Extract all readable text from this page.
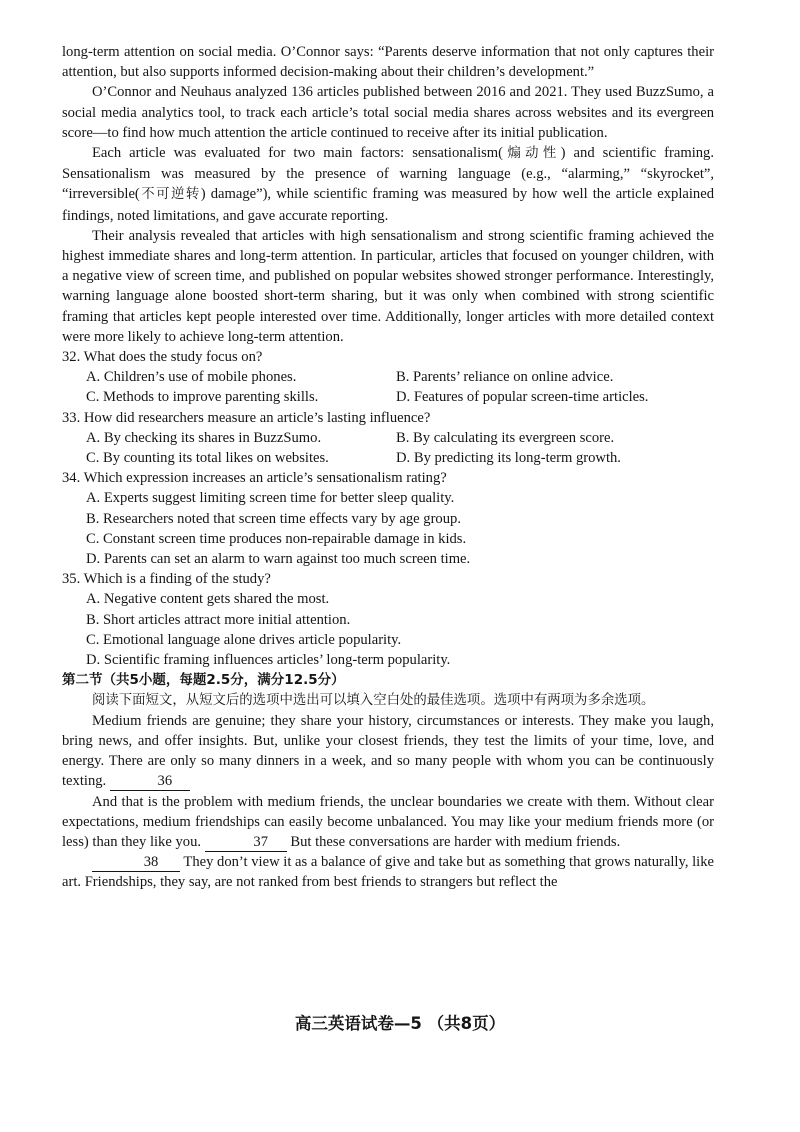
long-term attention on social media. O’Connor says: “Parents deserve information that not only captures their attention, but also supports informed decision-making about their children’s development.”

O’Connor and Neuhaus analyzed 136 articles published between 2016 and 2021. They used BuzzSumo, a social media analytics tool, to track each article’s total social media shares across websites and its evergreen score—to find how much attention the article continued to receive after its initial publication.

Each article was evaluated for two main factors: sensationalism(煽动性) and scientific framing. Sensationalism was measured by the presence of warning language (e.g., “alarming,” “skyrocket”, “irreversible(不可逆转) damage”), while scientific framing was measured by how well the article explained findings, noted limitations, and gave accurate reporting.

Their analysis revealed that articles with high sensationalism and strong scientific framing achieved the highest immediate shares and long-term attention. In particular, articles that focused on younger children, with a negative view of screen time, and published on popular websites showed stronger performance. Interestingly, warning language alone boosted short-term sharing, but it was only when combined with strong scientific framing that articles kept people interested over time. Additionally, longer articles with more detailed context were more likely to achieve long-term attention.

32. What does the study focus on?
A. Children’s use of mobile phones.	B. Parents’ reliance on online advice.
C. Methods to improve parenting skills.	D. Features of popular screen-time articles.
33. How did researchers measure an article’s lasting influence?
A. By checking its shares in BuzzSumo.	B. By calculating its evergreen score.
C. By counting its total likes on websites.	D. By predicting its long-term growth.
34. Which expression increases an article’s sensationalism rating?
A. Experts suggest limiting screen time for better sleep quality.
B. Researchers noted that screen time effects vary by age group.
C. Constant screen time produces non-repairable damage in kids.
D. Parents can set an alarm to warn against too much screen time.
35. Which is a finding of the study?
A. Negative content gets shared the most.
B. Short articles attract more initial attention.
C. Emotional language alone drives article popularity.
D. Scientific framing influences articles’ long-term popularity.
第二节（共5小题，每题2.5分，满分12.5分）

阅读下面短文，从短文后的选项中选出可以填入空白处的最佳选项。选项中有两项为多余选项。

Medium friends are genuine; they share your history, circumstances or interests. They make you laugh, bring news, and offer insights. But, unlike your closest friends, they test the limits of your time, love, and energy. There are only so many dinners in a week, and so many people with whom you can be continuously texting.	36

And that is the problem with medium friends, the unclear boundaries we create with them. Without clear expectations, medium friendships can easily become unbalanced. You may like your medium friends more (or less) than they like you.	37 But these conversations are harder with medium friends.

38 They don’t view it as a balance of give and take but as something that grows naturally, like art. Friendships, they say, are not ranked from best friends to strangers but reflect the

高三英语试卷—5 （共8页）
